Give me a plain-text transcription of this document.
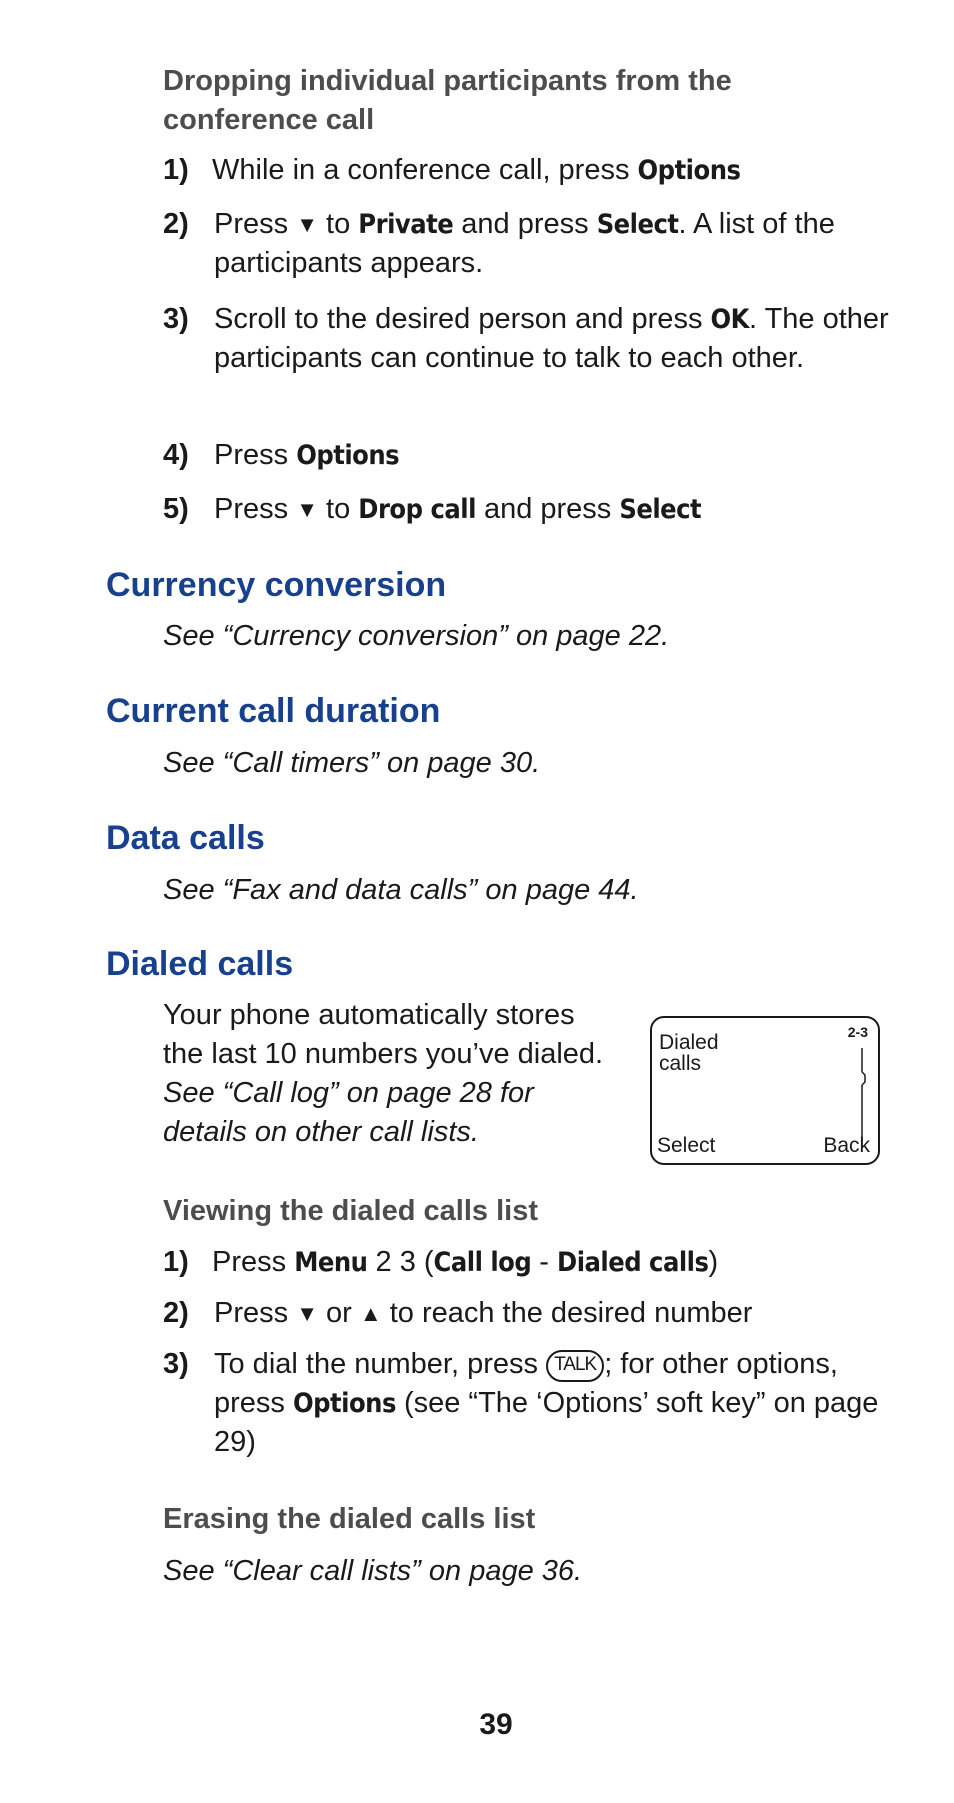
Dropping individual participants from the
conference call
1) While in a conference call, press Options
2) Press ▼ to Private and press Select. A list of the participants appears.
3) Scroll to the desired person and press OK. The other participants can continue to talk to each other.
4) Press Options
5) Press ▼ to Drop call and press Select
Currency conversion
See “Currency conversion” on page 22.
Current call duration
See “Call timers” on page 30.
Data calls
See “Fax and data calls” on page 44.
Dialed calls
Your phone automatically stores
the last 10 numbers you’ve dialed.
See “Call log” on page 28 for
details on other call lists.
Dialed
calls
2-3
Select	Back
Viewing the dialed calls list
1) Press Menu 2 3 (Call log - Dialed calls)
2) Press ▼ or ▲ to reach the desired number
3) To dial the number, press TALK ; for other options, press Options (see “The ‘Options’ soft key” on page 29)
Erasing the dialed calls list
See “Clear call lists” on page 36.
39
